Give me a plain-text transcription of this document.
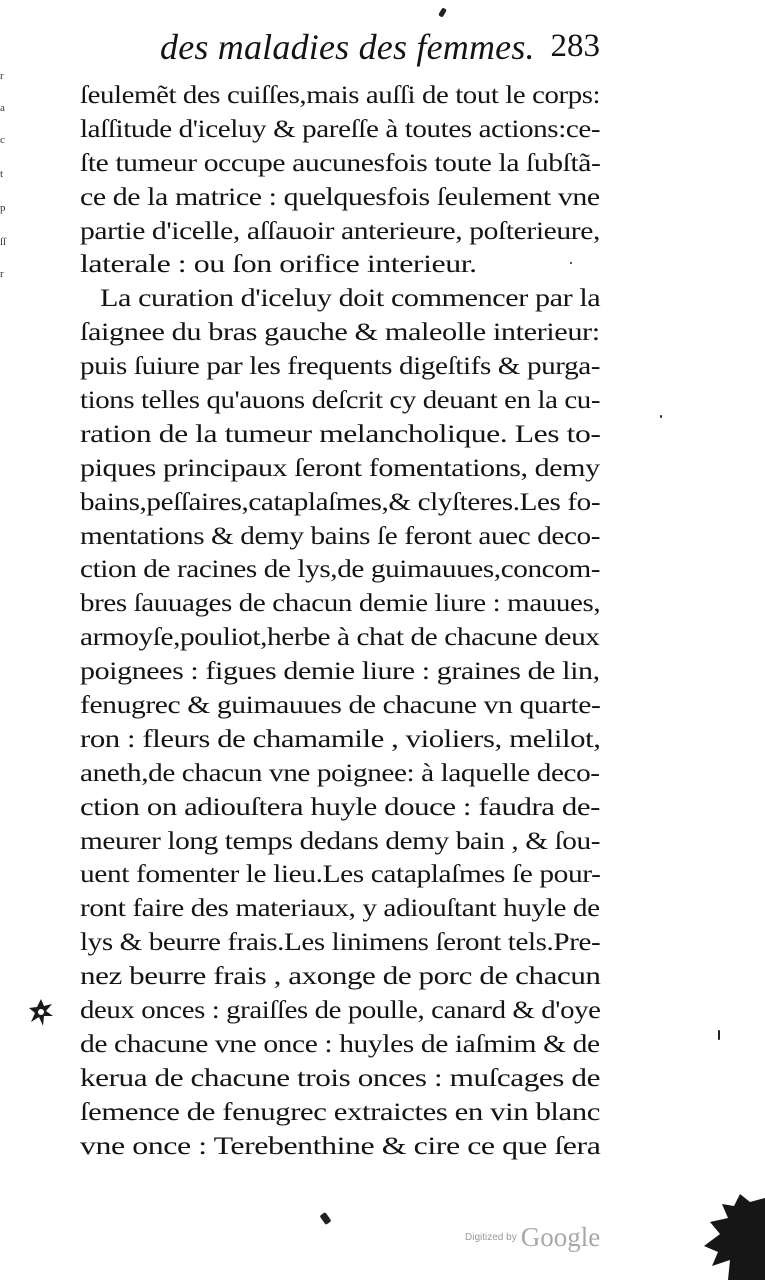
des maladies des femmes. 283
r
a
c
t
p
ſſ
r
ſeulemẽt des cuiſſes,mais auſſi de tout le corps:
laſſitude d'iceluy & pareſſe à toutes actions:ce-
ſte tumeur occupe aucunesfois toute la ſubſtã-
ce de la matrice : quelquesfois ſeulement vne
partie d'icelle, aſſauoir anterieure, poſterieure,
laterale : ou ſon orifice interieur.
La curation d'iceluy doit commencer par la
ſaignee du bras gauche & maleolle interieur:
puis ſuiure par les frequents digeſtifs & purga-
tions telles qu'auons deſcrit cy deuant en la cu-
ration de la tumeur melancholique. Les to-
piques principaux ſeront fomentations, demy
bains,peſſaires,cataplaſmes,& clyſteres.Les fo-
mentations & demy bains ſe feront auec deco-
ction de racines de lys,de guimauues,concom-
bres ſauuages de chacun demie liure : mauues,
armoyſe,pouliot,herbe à chat de chacune deux
poignees : figues demie liure : graines de lin,
fenugrec & guimauues de chacune vn quarte-
ron : fleurs de chamamile , violiers, melilot,
aneth,de chacun vne poignee: à laquelle deco-
ction on adiouſtera huyle douce : faudra de-
meurer long temps dedans demy bain , & ſou-
uent fomenter le lieu.Les cataplaſmes ſe pour-
ront faire des materiaux, y adiouſtant huyle de
lys & beurre frais.Les linimens ſeront tels.Pre-
nez beurre frais , axonge de porc de chacun
deux onces : graiſſes de poulle, canard & d'oye
de chacune vne once : huyles de iaſmim & de
kerua de chacune trois onces : muſcages de
ſemence de fenugrec extraictes en vin blanc
vne once : Terebenthine & cire ce que ſera
Digitized by Google
